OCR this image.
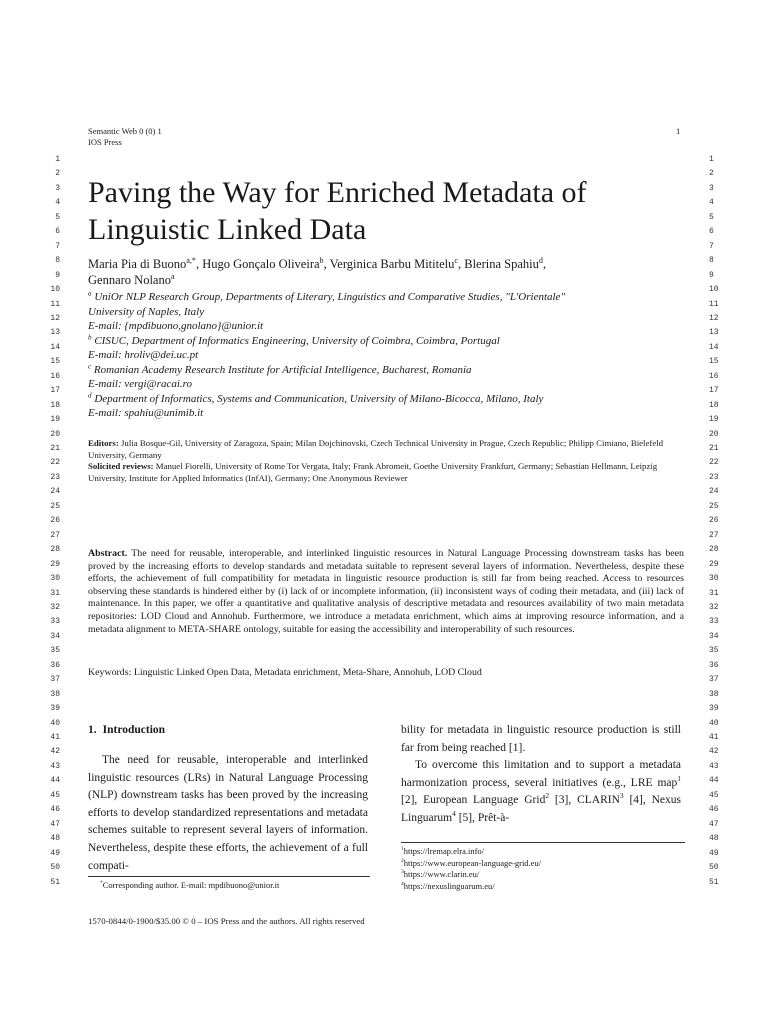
Semantic Web 0 (0) 1
IOS Press
1
1
2
3
4
5
6
7
8
9
10
11
12
13
14
15
16
17
18
19
20
21
22
23
24
25
26
27
28
29
30
31
32
33
34
35
36
37
38
39
40
41
42
43
44
45
46
47
48
49
50
51
1
2
3
4
5
6
7
8
9
10
11
12
13
14
15
16
17
18
19
20
21
22
23
24
25
26
27
28
29
30
31
32
33
34
35
36
37
38
39
40
41
42
43
44
45
46
47
48
49
50
51
Paving the Way for Enriched Metadata of
Linguistic Linked Data
Maria Pia di Buono$^{a,*}$, Hugo Gonçalo Oliveira$^b$, Verginica Barbu Mititelu$^c$, Blerina Spahiu$^d$,
Gennaro Nolano$^a$
$^a$ UniOr NLP Research Group, Departments of Literary, Linguistics and Comparative Studies, "L'Orientale"
University of Naples, Italy
E-mail: {mpdibuono,gnolano}@unior.it
$^b$ CISUC, Department of Informatics Engineering, University of Coimbra, Coimbra, Portugal
E-mail: hroliv@dei.uc.pt
$^c$ Romanian Academy Research Institute for Artificial Intelligence, Bucharest, Romania
E-mail: vergi@racai.ro
$^d$ Department of Informatics, Systems and Communication, University of Milano-Bicocca, Milano, Italy
E-mail: spahiu@unimib.it
Editors: Julia Bosque-Gil, University of Zaragoza, Spain; Milan Dojchinovski, Czech Technical University in Prague, Czech Republic; Philipp Cimiano, Bielefeld University, Germany
Solicited reviews: Manuel Fiorelli, University of Rome Tor Vergata, Italy; Frank Abromeit, Goethe University Frankfurt, Germany; Sebastian Hellmann, Leipzig University, Institute for Applied Informatics (InfAI), Germany; One Anonymous Reviewer
Abstract. The need for reusable, interoperable, and interlinked linguistic resources in Natural Language Processing downstream tasks has been proved by the increasing efforts to develop standards and metadata suitable to represent several layers of information. Nevertheless, despite these efforts, the achievement of full compatibility for metadata in linguistic resource production is still far from being reached. Access to resources observing these standards is hindered either by (i) lack of or incomplete information, (ii) inconsistent ways of coding their metadata, and (iii) lack of maintenance. In this paper, we offer a quantitative and qualitative analysis of descriptive metadata and resources availability of two main metadata repositories: LOD Cloud and Annohub. Furthermore, we introduce a metadata enrichment, which aims at improving resource information, and a metadata alignment to META-SHARE ontology, suitable for easing the accessibility and interoperability of such resources.
Keywords: Linguistic Linked Open Data, Metadata enrichment, Meta-Share, Annohub, LOD Cloud
1. Introduction

The need for reusable, interoperable and interlinked linguistic resources (LRs) in Natural Language Processing (NLP) downstream tasks has been proved by the increasing efforts to develop standardized representations and metadata schemes suitable to represent several layers of information. Nevertheless, despite these efforts, the achievement of a full compati-

bility for metadata in linguistic resource production is still far from being reached [1].

To overcome this limitation and to support a metadata harmonization process, several initiatives (e.g., LRE map$^1$ [2], European Language Grid$^2$ [3], CLARIN$^3$ [4], Nexus Linguarum$^4$ [5], Prêt-à-

$^1$https://lremap.elra.info/
$^2$https://www.european-language-grid.eu/
$^3$https://www.clarin.eu/
$^4$https://nexuslinguarum.eu/
*Corresponding author. E-mail: mpdibuono@unior.it
1570-0844/0-1900/$35.00 © 0 – IOS Press and the authors. All rights reserved
